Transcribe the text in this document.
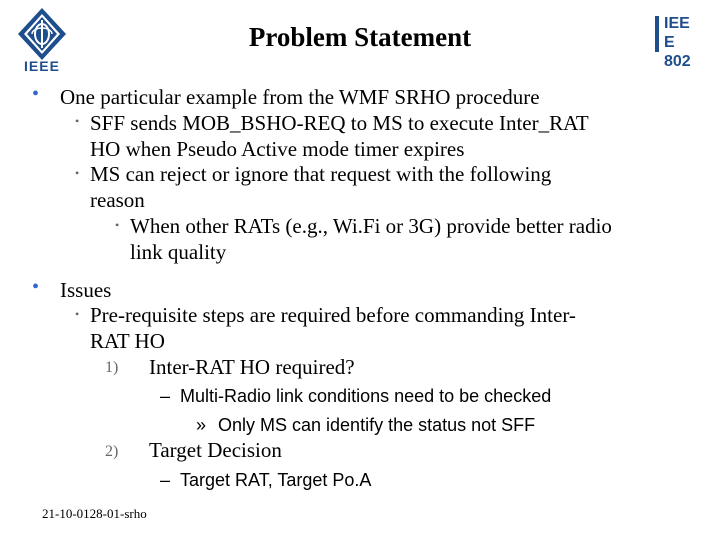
IEEE
Problem Statement	IEEE 802
• One particular example from the WMF SRHO procedure
• SFF sends MOB_BSHO-REQ to MS to execute Inter_RAT
HO when Pseudo Active mode timer expires
• MS can reject or ignore that request with the following
reason
• When other RATs (e.g., Wi.Fi or 3G) provide better radio
link quality
• Issues
• Pre-requisite steps are required before commanding Inter-
RAT HO
1) Inter-RAT HO required?
– Multi-Radio link conditions need to be checked
» Only MS can identify the status not SFF
2) Target Decision
– Target RAT, Target Po.A
21-10-0128-01-srho
